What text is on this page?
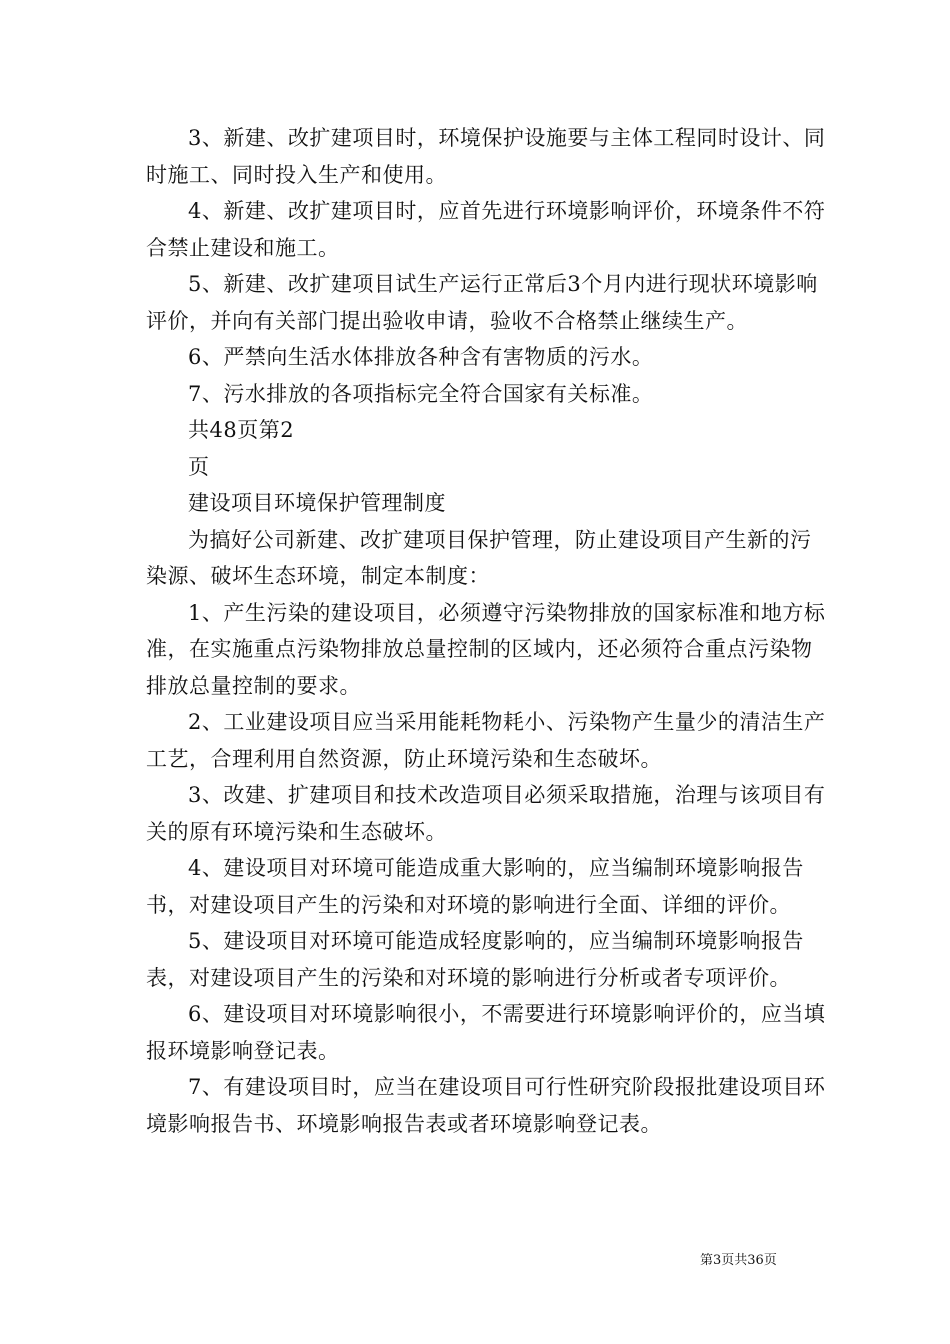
3、新建、改扩建项目时，环境保护设施要与主体工程同时设计、同时施工、同时投入生产和使用。

4、新建、改扩建项目时，应首先进行环境影响评价，环境条件不符合禁止建设和施工。

5、新建、改扩建项目试生产运行正常后3个月内进行现状环境影响评价，并向有关部门提出验收申请，验收不合格禁止继续生产。

6、严禁向生活水体排放各种含有害物质的污水。

7、污水排放的各项指标完全符合国家有关标准。

共48页第2

页

建设项目环境保护管理制度

为搞好公司新建、改扩建项目保护管理，防止建设项目产生新的污染源、破坏生态环境，制定本制度：

1、产生污染的建设项目，必须遵守污染物排放的国家标准和地方标准，在实施重点污染物排放总量控制的区域内，还必须符合重点污染物排放总量控制的要求。

2、工业建设项目应当采用能耗物耗小、污染物产生量少的清洁生产工艺，合理利用自然资源，防止环境污染和生态破坏。

3、改建、扩建项目和技术改造项目必须采取措施，治理与该项目有关的原有环境污染和生态破坏。

4、建设项目对环境可能造成重大影响的，应当编制环境影响报告书，对建设项目产生的污染和对环境的影响进行全面、详细的评价。

5、建设项目对环境可能造成轻度影响的，应当编制环境影响报告表，对建设项目产生的污染和对环境的影响进行分析或者专项评价。

6、建设项目对环境影响很小，不需要进行环境影响评价的，应当填报环境影响登记表。

7、有建设项目时，应当在建设项目可行性研究阶段报批建设项目环境影响报告书、环境影响报告表或者环境影响登记表。

第3页共36页
